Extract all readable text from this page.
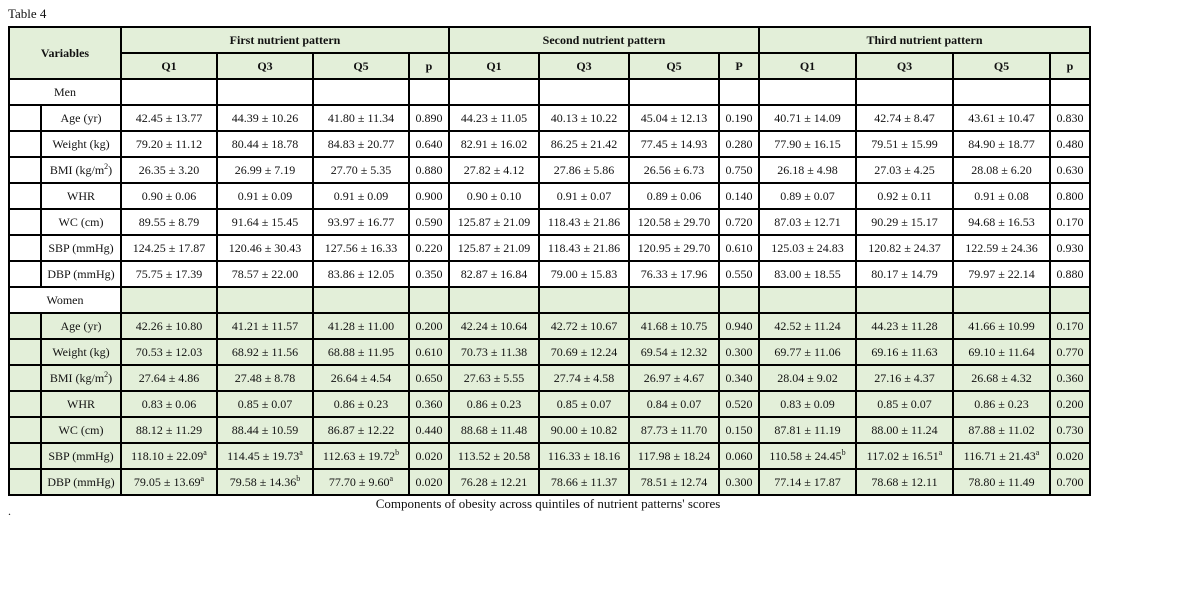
Table 4
Variables		First nutrient pattern				Second nutrient pattern				Third nutrient pattern			
		Q1	Q3	Q5	p	Q1	Q3	Q5	P	Q1	Q3	Q5	p
Men													
	Age (yr)	42.45 ± 13.77	44.39 ± 10.26	41.80 ± 11.34	0.890	44.23 ± 11.05	40.13 ± 10.22	45.04 ± 12.13	0.190	40.71 ± 14.09	42.74 ± 8.47	43.61 ± 10.47	0.830
	Weight (kg)	79.20 ± 11.12	80.44 ± 18.78	84.83 ± 20.77	0.640	82.91 ± 16.02	86.25 ± 21.42	77.45 ± 14.93	0.280	77.90 ± 16.15	79.51 ± 15.99	84.90 ± 18.77	0.480
	BMI $(kg/m^2)$	26.35 ± 3.20	26.99 ± 7.19	27.70 ± 5.35	0.880	27.82 ± 4.12	27.86 ± 5.86	26.56 ± 6.73	0.750	26.18 ± 4.98	27.03 ± 4.25	28.08 ± 6.20	0.630
	WHR	0.90 ± 0.06	0.91 ± 0.09	0.91 ± 0.09	0.900	0.90 ± 0.10	0.91 ± 0.07	0.89 ± 0.06	0.140	0.89 ± 0.07	0.92 ± 0.11	0.91 ± 0.08	0.800
	WC (cm)	89.55 ± 8.79	91.64 ± 15.45	93.97 ± 16.77	0.590	125.87 ± 21.09	118.43 ± 21.86	120.58 ± 29.70	0.720	87.03 ± 12.71	90.29 ± 15.17	94.68 ± 16.53	0.170
	SBP (mmHg)	124.25 ± 17.87	120.46 ± 30.43	127.56 ± 16.33	0.220	125.87 ± 21.09	118.43 ± 21.86	120.95 ± 29.70	0.610	125.03 ± 24.83	120.82 ± 24.37	122.59 ± 24.36	0.930
	DBP (mmHg)	75.75 ± 17.39	78.57 ± 22.00	83.86 ± 12.05	0.350	82.87 ± 16.84	79.00 ± 15.83	76.33 ± 17.96	0.550	83.00 ± 18.55	80.17 ± 14.79	79.97 ± 22.14	0.880
Women													
	Age (yr)	42.26 ± 10.80	41.21 ± 11.57	41.28 ± 11.00	0.200	42.24 ± 10.64	42.72 ± 10.67	41.68 ± 10.75	0.940	42.52 ± 11.24	44.23 ± 11.28	41.66 ± 10.99	0.170
	Weight (kg)	70.53 ± 12.03	68.92 ± 11.56	68.88 ± 11.95	0.610	70.73 ± 11.38	70.69 ± 12.24	69.54 ± 12.32	0.300	69.77 ± 11.06	69.16 ± 11.63	69.10 ± 11.64	0.770
	BMI $(kg/m^2)$	27.64 ± 4.86	27.48 ± 8.78	26.64 ± 4.54	0.650	27.63 ± 5.55	27.74 ± 4.58	26.97 ± 4.67	0.340	28.04 ± 9.02	27.16 ± 4.37	26.68 ± 4.32	0.360
	WHR	0.83 ± 0.06	0.85 ± 0.07	0.86 ± 0.23	0.360	0.86 ± 0.23	0.85 ± 0.07	0.84 ± 0.07	0.520	0.83 ± 0.09	0.85 ± 0.07	0.86 ± 0.23	0.200
	WC (cm)	88.12 ± 11.29	88.44 ± 10.59	86.87 ± 12.22	0.440	88.68 ± 11.48	90.00 ± 10.82	87.73 ± 11.70	0.150	87.81 ± 11.19	88.00 ± 11.24	87.88 ± 11.02	0.730
	SBP (mmHg)	118.10 ± 22.09$^a$	114.45 ± 19.73$^a$	112.63 ± 19.72$^b$	0.020	113.52 ± 20.58	116.33 ± 18.16	117.98 ± 18.24	0.060	110.58 ± 24.45$^b$	117.02 ± 16.51$^a$	116.71 ± 21.43$^a$	0.020
	DBP (mmHg)	79.05 ± 13.69$^a$	79.58 ± 14.36$^b$	77.70 ± 9.60$^a$	0.020	76.28 ± 12.21	78.66 ± 11.37	78.51 ± 12.74	0.300	77.14 ± 17.87	78.68 ± 12.11	78.80 ± 11.49	0.700
Components of obesity across quintiles of nutrient patterns' scores
.
